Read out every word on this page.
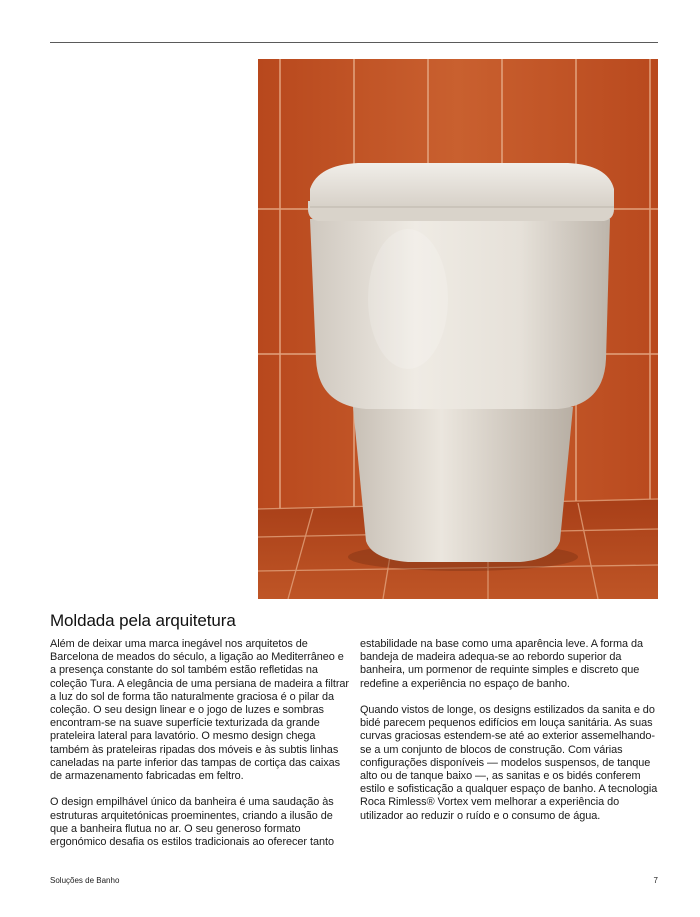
Moldada pela arquitetura

Além de deixar uma marca inegável nos arquitetos de Barcelona de meados do século, a ligação ao Mediterrâneo e a presença constante do sol também estão refletidas na coleção Tura. A elegância de uma persiana de madeira a filtrar a luz do sol de forma tão naturalmente graciosa é o pilar da coleção. O seu design linear e o jogo de luzes e sombras encontram-se na suave superfície texturizada da grande prateleira lateral para lavatório. O mesmo design chega também às prateleiras ripadas dos móveis e às subtis linhas caneladas na parte inferior das tampas de cortiça das caixas de armazenamento fabricadas em feltro.

O design empilhável único da banheira é uma saudação às estruturas arquitetónicas proeminentes, criando a ilusão de que a banheira flutua no ar. O seu generoso formato ergonómico desafia os estilos tradicionais ao oferecer tanto

estabilidade na base como uma aparência leve. A forma da bandeja de madeira adequa-se ao rebordo superior da banheira, um pormenor de requinte simples e discreto que redefine a experiência no espaço de banho.

Quando vistos de longe, os designs estilizados da sanita e do bidé parecem pequenos edifícios em louça sanitária. As suas curvas graciosas estendem-se até ao exterior assemelhando-se a um conjunto de blocos de construção. Com várias configurações disponíveis — modelos suspensos, de tanque alto ou de tanque baixo —, as sanitas e os bidés conferem estilo e sofisticação a qualquer espaço de banho. A tecnologia Roca Rimless® Vortex vem melhorar a experiência do utilizador ao reduzir o ruído e o consumo de água.

Soluções de Banho	7
